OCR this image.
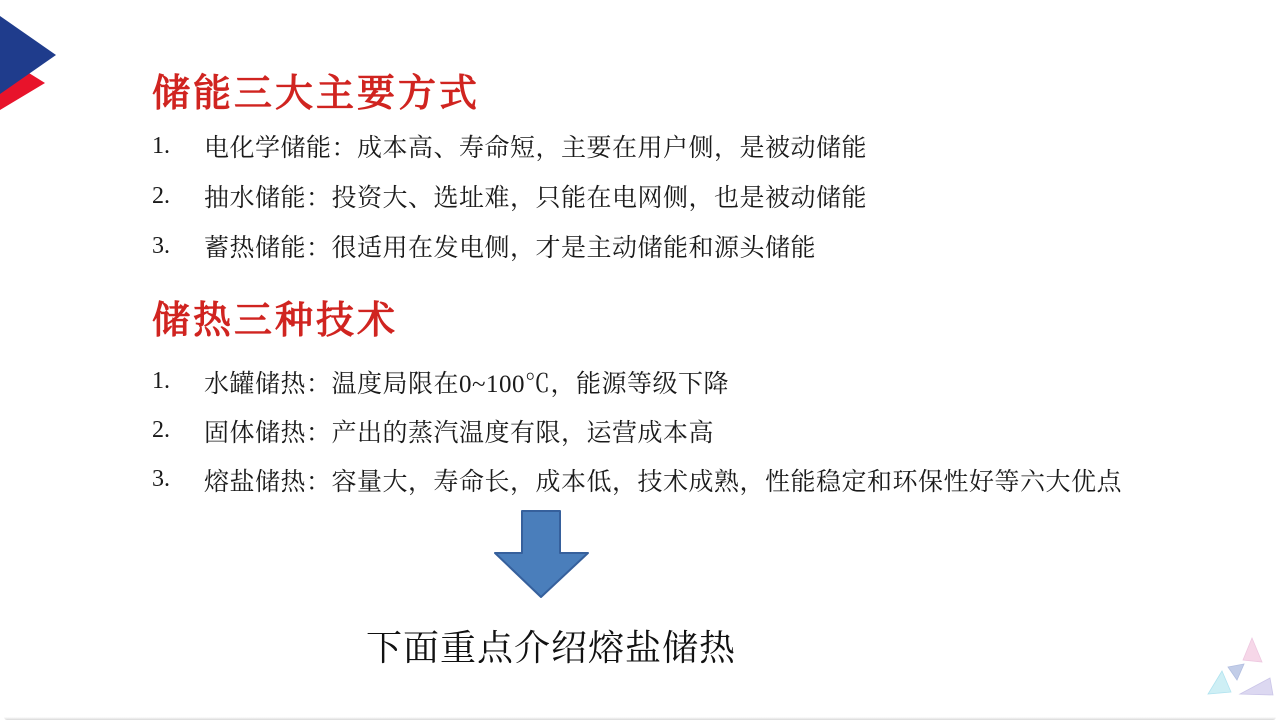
储能三大主要方式
1.	电化学储能：成本高、寿命短，主要在用户侧，是被动储能
2.	抽水储能：投资大、选址难，只能在电网侧，也是被动储能
3.	蓄热储能：很适用在发电侧，才是主动储能和源头储能
储热三种技术
1.	水罐储热：温度局限在0~100℃，能源等级下降
2.	固体储热：产出的蒸汽温度有限，运营成本高
3.	熔盐储热：容量大，寿命长，成本低，技术成熟，性能稳定和环保性好等六大优点
下面重点介绍熔盐储热
